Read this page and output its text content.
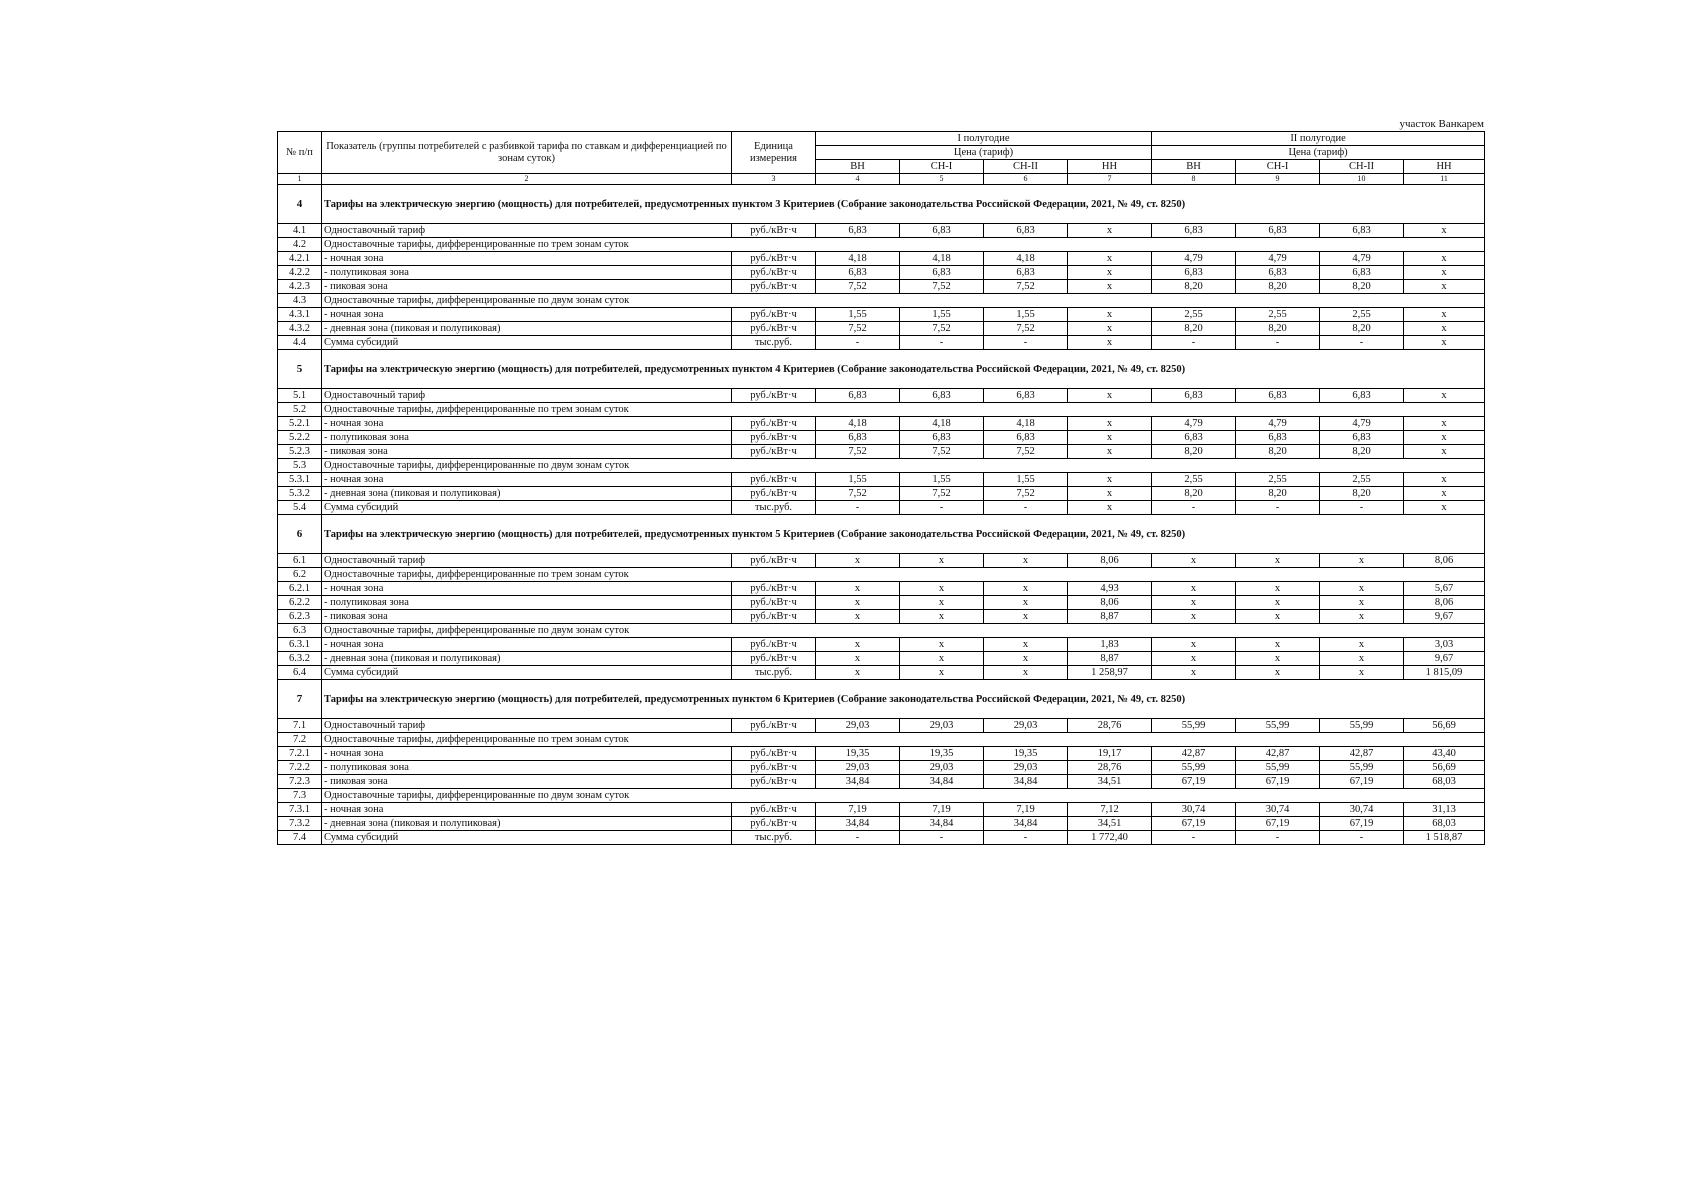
участок Ванкарем
№ п/п	Показатель (группы потребителей с разбивкой тарифа по ставкам и дифференциацией по зонам суток)	Единица измерения	I полугодие				II полугодие			
			Цена (тариф)				Цена (тариф)			
			ВН	СН-I	СН-II	НН	ВН	СН-I	СН-II	НН
1	2	3	4	5	6	7	8	9	10	11
4	Тарифы на электрическую энергию (мощность) для потребителей, предусмотренных пунктом 3 Критериев (Собрание законодательства Российской Федерации, 2021, № 49, ст. 8250)									
4.1	Одноставочный тариф	руб./кВт·ч	6,83	6,83	6,83	x	6,83	6,83	6,83	x
4.2	Одноставочные тарифы, дифференцированные по трем зонам суток									
4.2.1	- ночная зона	руб./кВт·ч	4,18	4,18	4,18	x	4,79	4,79	4,79	x
4.2.2	- полупиковая зона	руб./кВт·ч	6,83	6,83	6,83	x	6,83	6,83	6,83	x
4.2.3	- пиковая зона	руб./кВт·ч	7,52	7,52	7,52	x	8,20	8,20	8,20	x
4.3	Одноставочные тарифы, дифференцированные по двум зонам суток									
4.3.1	- ночная зона	руб./кВт·ч	1,55	1,55	1,55	x	2,55	2,55	2,55	x
4.3.2	- дневная зона (пиковая и полупиковая)	руб./кВт·ч	7,52	7,52	7,52	x	8,20	8,20	8,20	x
4.4	Сумма субсидий	тыс.руб.	-	-	-	x	-	-	-	x
5	Тарифы на электрическую энергию (мощность) для потребителей, предусмотренных пунктом 4 Критериев (Собрание законодательства Российской Федерации, 2021, № 49, ст. 8250)									
5.1	Одноставочный тариф	руб./кВт·ч	6,83	6,83	6,83	x	6,83	6,83	6,83	x
5.2	Одноставочные тарифы, дифференцированные по трем зонам суток									
5.2.1	- ночная зона	руб./кВт·ч	4,18	4,18	4,18	x	4,79	4,79	4,79	x
5.2.2	- полупиковая зона	руб./кВт·ч	6,83	6,83	6,83	x	6,83	6,83	6,83	x
5.2.3	- пиковая зона	руб./кВт·ч	7,52	7,52	7,52	x	8,20	8,20	8,20	x
5.3	Одноставочные тарифы, дифференцированные по двум зонам суток									
5.3.1	- ночная зона	руб./кВт·ч	1,55	1,55	1,55	x	2,55	2,55	2,55	x
5.3.2	- дневная зона (пиковая и полупиковая)	руб./кВт·ч	7,52	7,52	7,52	x	8,20	8,20	8,20	x
5.4	Сумма субсидий	тыс.руб.	-	-	-	x	-	-	-	x
6	Тарифы на электрическую энергию (мощность) для потребителей, предусмотренных пунктом 5 Критериев (Собрание законодательства Российской Федерации, 2021, № 49, ст. 8250)									
6.1	Одноставочный тариф	руб./кВт·ч	x	x	x	8,06	x	x	x	8,06
6.2	Одноставочные тарифы, дифференцированные по трем зонам суток									
6.2.1	- ночная зона	руб./кВт·ч	x	x	x	4,93	x	x	x	5,67
6.2.2	- полупиковая зона	руб./кВт·ч	x	x	x	8,06	x	x	x	8,06
6.2.3	- пиковая зона	руб./кВт·ч	x	x	x	8,87	x	x	x	9,67
6.3	Одноставочные тарифы, дифференцированные по двум зонам суток									
6.3.1	- ночная зона	руб./кВт·ч	x	x	x	1,83	x	x	x	3,03
6.3.2	- дневная зона (пиковая и полупиковая)	руб./кВт·ч	x	x	x	8,87	x	x	x	9,67
6.4	Сумма субсидий	тыс.руб.	x	x	x	1 258,97	x	x	x	1 815,09
7	Тарифы на электрическую энергию (мощность) для потребителей, предусмотренных пунктом 6 Критериев (Собрание законодательства Российской Федерации, 2021, № 49, ст. 8250)									
7.1	Одноставочный тариф	руб./кВт·ч	29,03	29,03	29,03	28,76	55,99	55,99	55,99	56,69
7.2	Одноставочные тарифы, дифференцированные по трем зонам суток									
7.2.1	- ночная зона	руб./кВт·ч	19,35	19,35	19,35	19,17	42,87	42,87	42,87	43,40
7.2.2	- полупиковая зона	руб./кВт·ч	29,03	29,03	29,03	28,76	55,99	55,99	55,99	56,69
7.2.3	- пиковая зона	руб./кВт·ч	34,84	34,84	34,84	34,51	67,19	67,19	67,19	68,03
7.3	Одноставочные тарифы, дифференцированные по двум зонам суток									
7.3.1	- ночная зона	руб./кВт·ч	7,19	7,19	7,19	7,12	30,74	30,74	30,74	31,13
7.3.2	- дневная зона (пиковая и полупиковая)	руб./кВт·ч	34,84	34,84	34,84	34,51	67,19	67,19	67,19	68,03
7.4	Сумма субсидий	тыс.руб.	-	-	-	1 772,40	-	-	-	1 518,87
